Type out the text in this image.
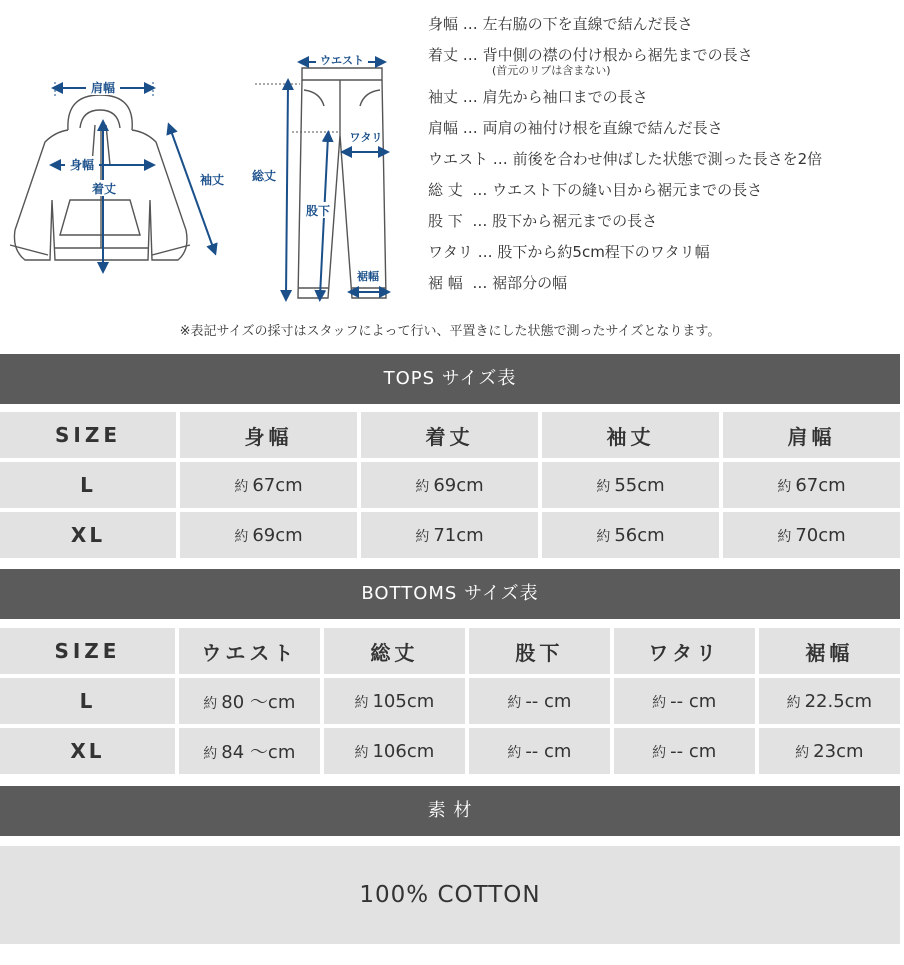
肩幅
身幅
着丈
袖丈
ウエスト
総丈
股下
ワタリ
裾幅
身幅 … 左右脇の下を直線で結んだ長さ
着丈 … 背中側の襟の付け根から裾先までの長さ
(首元のリブは含まない)
袖丈 … 肩先から袖口までの長さ
肩幅 … 両肩の袖付け根を直線で結んだ長さ
ウエスト … 前後を合わせ伸ばした状態で測った長さを2倍
総 丈  … ウエスト下の縫い目から裾元までの長さ
股 下  … 股下から裾元までの長さ
ワタリ … 股下から約5cm程下のワタリ幅
裾 幅  … 裾部分の幅
※表記サイズの採寸はスタッフによって行い、平置きにした状態で測ったサイズとなります。
TOPS サイズ表
SIZE	身幅	着丈	袖丈	肩幅
L	約 67cm	約 69cm	約 55cm	約 67cm
XL	約 69cm	約 71cm	約 56cm	約 70cm
BOTTOMS サイズ表
SIZE	ウエスト	総丈	股下	ワタリ	裾幅
L	約 80 〜cm	約 105cm	約 -- cm	約 -- cm	約 22.5cm
XL	約 84 〜cm	約 106cm	約 -- cm	約 -- cm	約 23cm
素 材
100% COTTON
